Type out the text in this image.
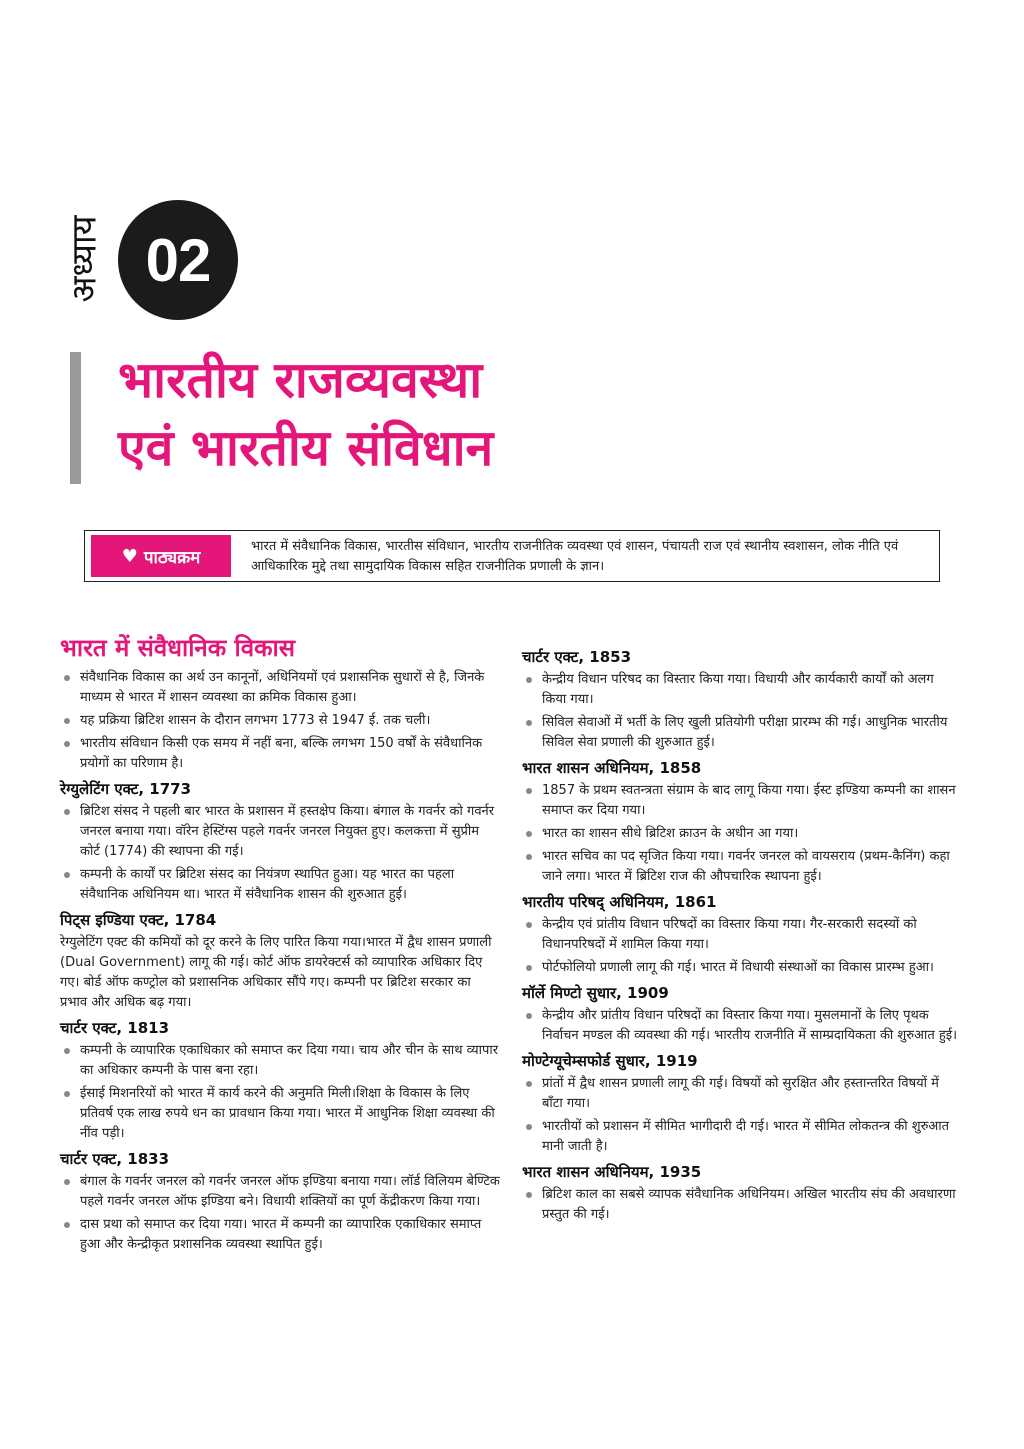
अध्याय 02
भारतीय राजव्यवस्था
एवं भारतीय संविधान
♥ पाठ्यक्रम
भारत में संवैधानिक विकास, भारतीस संविधान, भारतीय राजनीतिक व्यवस्था एवं शासन, पंचायती राज एवं स्थानीय स्वशासन, लोक नीति एवं आधिकारिक मुद्दे तथा सामुदायिक विकास सहित राजनीतिक प्रणाली के ज्ञान।
भारत में संवैधानिक विकास
संवैधानिक विकास का अर्थ उन कानूनों, अधिनियमों एवं प्रशासनिक सुधारों से है, जिनके माध्यम से भारत में शासन व्यवस्था का क्रमिक विकास हुआ।
यह प्रक्रिया ब्रिटिश शासन के दौरान लगभग 1773 से 1947 ई. तक चली।
भारतीय संविधान किसी एक समय में नहीं बना, बल्कि लगभग 150 वर्षों के संवैधानिक प्रयोगों का परिणाम है।
रेग्युलेटिंग एक्ट, 1773
ब्रिटिश संसद ने पहली बार भारत के प्रशासन में हस्तक्षेप किया। बंगाल के गवर्नर को गवर्नर जनरल बनाया गया। वॉरेन हेस्टिंग्स पहले गवर्नर जनरल नियुक्त हुए। कलकत्ता में सुप्रीम कोर्ट (1774) की स्थापना की गई।
कम्पनी के कार्यों पर ब्रिटिश संसद का नियंत्रण स्थापित हुआ। यह भारत का पहला संवैधानिक अधिनियम था। भारत में संवैधानिक शासन की शुरुआत हुई।
पिट्स इण्डिया एक्ट, 1784

रेग्युलेटिंग एक्ट की कमियों को दूर करने के लिए पारित किया गया।भारत में द्वैध शासन प्रणाली (Dual Government) लागू की गई। कोर्ट ऑफ डायरेक्टर्स को व्यापारिक अधिकार दिए गए। बोर्ड ऑफ कण्ट्रोल को प्रशासनिक अधिकार सौंपे गए। कम्पनी पर ब्रिटिश सरकार का प्रभाव और अधिक बढ़ गया।

चार्टर एक्ट, 1813
कम्पनी के व्यापारिक एकाधिकार को समाप्त कर दिया गया। चाय और चीन के साथ व्यापार का अधिकार कम्पनी के पास बना रहा।
ईसाई मिशनरियों को भारत में कार्य करने की अनुमति मिली।शिक्षा के विकास के लिए प्रतिवर्ष एक लाख रुपये धन का प्रावधान किया गया। भारत में आधुनिक शिक्षा व्यवस्था की नींव पड़ी।
चार्टर एक्ट, 1833
बंगाल के गवर्नर जनरल को गवर्नर जनरल ऑफ इण्डिया बनाया गया। लॉर्ड विलियम बेण्टिक पहले गवर्नर जनरल ऑफ इण्डिया बने। विधायी शक्तियों का पूर्ण केंद्रीकरण किया गया।
दास प्रथा को समाप्त कर दिया गया। भारत में कम्पनी का व्यापारिक एकाधिकार समाप्त हुआ और केन्द्रीकृत प्रशासनिक व्यवस्था स्थापित हुई।
चार्टर एक्ट, 1853
केन्द्रीय विधान परिषद का विस्तार किया गया। विधायी और कार्यकारी कार्यों को अलग किया गया।
सिविल सेवाओं में भर्ती के लिए खुली प्रतियोगी परीक्षा प्रारम्भ की गई। आधुनिक भारतीय सिविल सेवा प्रणाली की शुरुआत हुई।
भारत शासन अधिनियम, 1858
1857 के प्रथम स्वतन्त्रता संग्राम के बाद लागू किया गया। ईस्ट इण्डिया कम्पनी का शासन समाप्त कर दिया गया।
भारत का शासन सीधे ब्रिटिश क्राउन के अधीन आ गया।
भारत सचिव का पद सृजित किया गया। गवर्नर जनरल को वायसराय (प्रथम-कैनिंग) कहा जाने लगा। भारत में ब्रिटिश राज की औपचारिक स्थापना हुई।
भारतीय परिषद् अधिनियम, 1861
केन्द्रीय एवं प्रांतीय विधान परिषदों का विस्तार किया गया। गैर-सरकारी सदस्यों को विधानपरिषदों में शामिल किया गया।
पोर्टफोलियो प्रणाली लागू की गई। भारत में विधायी संस्थाओं का विकास प्रारम्भ हुआ।
मॉर्ले मिण्टो सुधार, 1909
केन्द्रीय और प्रांतीय विधान परिषदों का विस्तार किया गया। मुसलमानों के लिए पृथक निर्वाचन मण्डल की व्यवस्था की गई। भारतीय राजनीति में साम्प्रदायिकता की शुरुआत हुई।
मोण्टेग्यूचेम्सफोर्ड सुधार, 1919
प्रांतों में द्वैध शासन प्रणाली लागू की गई। विषयों को सुरक्षित और हस्तान्तरित विषयों में बाँटा गया।
भारतीयों को प्रशासन में सीमित भागीदारी दी गई। भारत में सीमित लोकतन्त्र की शुरुआत मानी जाती है।
भारत शासन अधिनियम, 1935
ब्रिटिश काल का सबसे व्यापक संवैधानिक अधिनियम। अखिल भारतीय संघ की अवधारणा प्रस्तुत की गई।
